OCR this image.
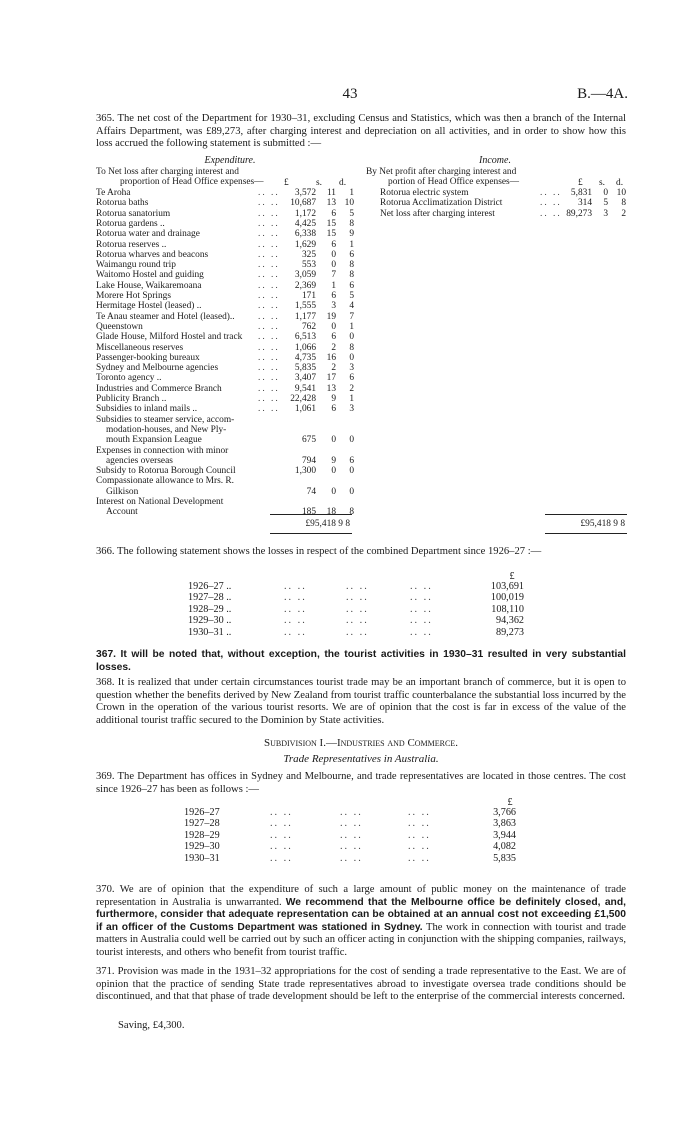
43	B.—4A.
365. The net cost of the Department for 1930–31, excluding Census and Statistics, which was then a branch of the Internal Affairs Department, was £89,273, after charging interest and depreciation on all activities, and in order to show how this loss accrued the following statement is submitted :—
Expenditure.
To Net loss after charging interest and
proportion of Head Office expenses— £	s. d.
Te Aroha	.. ..	3,572	11	1
Rotorua baths	.. ..	10,687	13 10
Rotorua sanatorium	.. ..	1,172	6	5
Rotorua gardens ..	.. ..	4,425	15	8
Rotorua water and drainage	.. ..	6,338	15	9
Rotorua reserves ..	.. ..	1,629	6	1
Rotorua wharves and beacons	.. ..	325	0	6
Waimangu round trip	.. ..	553	0	8
Waitomo Hostel and guiding	.. ..	3,059	7	8
Lake House, Waikaremoana	.. ..	2,369	1	6
Morere Hot Springs	.. ..	171	6	5
Hermitage Hostel (leased) ..	.. ..	1,555	3	4
Te Anau steamer and Hotel (leased).. .. ..	1,177	19	7
Queenstown	.. ..	762	0	1
Glade House, Milford Hostel and track .. ..	6,513	6	0
Miscellaneous reserves	.. ..	1,066	2	8
Passenger-booking bureaux	.. ..	4,735	16	0
Sydney and Melbourne agencies	.. ..	5,835	2	3
Toronto agency ..	.. ..	3,407	17	6
Industries and Commerce Branch	.. ..	9,541	13	2
Publicity Branch ..	.. ..	22,428	9	1
Subsidies to inland mails ..	.. ..	1,061	6	3
Subsidies to steamer service, accom-
modation-houses, and New Ply-
mouth Expansion League	675	0	0
Expenses in connection with minor
agencies overseas	794	9	6
Subsidy to Rotorua Borough Council	1,300	0	0
Compassionate allowance to Mrs. R.
Gilkison	74	0	0
Interest on National Development
Account	185	18	8
£95,418 9 8
Income.
By Net profit after charging interest and
portion of Head Office expenses—	£ s. d.
Rotorua electric system	.. .. 5,831	0 10
Rotorua Acclimatization District	.. ..	314	5	8
Net loss after charging interest	.. .. 89,273	3	2
£95,418 9 8
366. The following statement shows the losses in respect of the combined Department since 1926–27 :—
£
1926–27 ..	.. ..	.. ..	.. ..	103,691
1927–28 ..	.. ..	.. ..	.. ..	100,019
1928–29 ..	.. ..	.. ..	.. ..	108,110
1929–30 ..	.. ..	.. ..	.. ..	94,362
1930–31 ..	.. ..	.. ..	.. ..	89,273
367. It will be noted that, without exception, the tourist activities in 1930–31 resulted in very substantial losses.
368. It is realized that under certain circumstances tourist trade may be an important branch of commerce, but it is open to question whether the benefits derived by New Zealand from tourist traffic counterbalance the substantial loss incurred by the Crown in the operation of the various tourist resorts. We are of opinion that the cost is far in excess of the value of the additional tourist traffic secured to the Dominion by State activities.
Subdivision I.—Industries and Commerce.
Trade Representatives in Australia.
369. The Department has offices in Sydney and Melbourne, and trade representatives are located in those centres. The cost since 1926–27 has been as follows :—
£
1926–27	.. ..	.. ..	.. ..	3,766
1927–28	.. ..	.. ..	.. ..	3,863
1928–29	.. ..	.. ..	.. ..	3,944
1929–30	.. ..	.. ..	.. ..	4,082
1930–31	.. ..	.. ..	.. ..	5,835
370. We are of opinion that the expenditure of such a large amount of public money on the maintenance of trade representation in Australia is unwarranted. We recommend that the Melbourne office be definitely closed, and, furthermore, consider that adequate representation can be obtained at an annual cost not exceeding £1,500 if an officer of the Customs Department was stationed in Sydney. The work in connection with tourist and trade matters in Australia could well be carried out by such an officer acting in conjunction with the shipping companies, railways, tourist interests, and others who benefit from tourist traffic.
371. Provision was made in the 1931–32 appropriations for the cost of sending a trade representative to the East. We are of opinion that the practice of sending State trade representatives abroad to investigate oversea trade conditions should be discontinued, and that that phase of trade development should be left to the enterprise of the commercial interests concerned.
Saving, £4,300.
